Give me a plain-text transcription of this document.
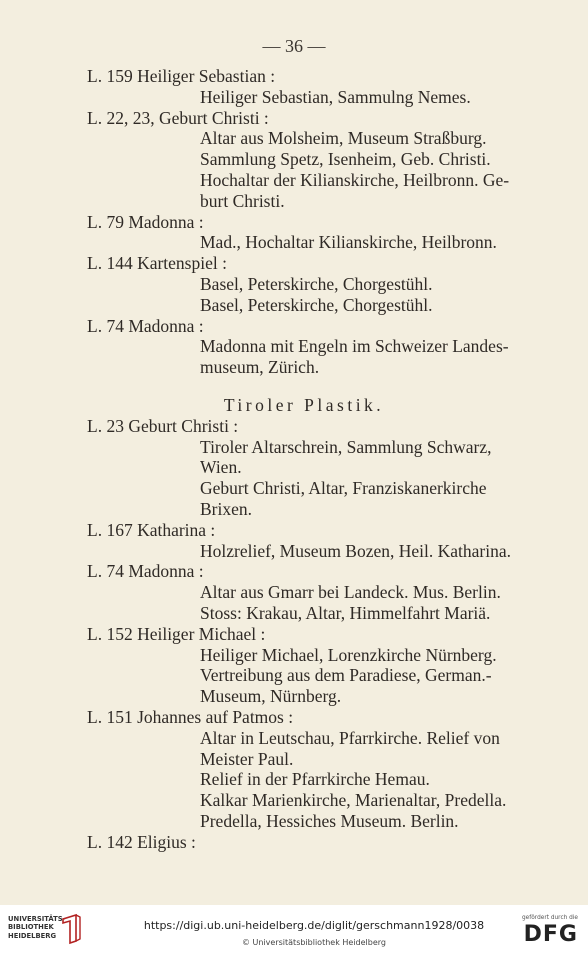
— 36 —
L. 159 Heiliger Sebastian :
Heiliger Sebastian, Sammulng Nemes.
L. 22, 23, Geburt Christi :
Altar aus Molsheim, Museum Straßburg.
Sammlung Spetz, Isenheim, Geb. Christi.
Hochaltar der Kilianskirche, Heilbronn. Ge-
burt Christi.
L. 79 Madonna :
Mad., Hochaltar Kilianskirche, Heilbronn.
L. 144 Kartenspiel :
Basel, Peterskirche, Chorgestühl.
Basel, Peterskirche, Chorgestühl.
L. 74 Madonna :
Madonna mit Engeln im Schweizer Landes-
museum, Zürich.
Tiroler Plastik.
L. 23 Geburt Christi :
Tiroler Altarschrein, Sammlung Schwarz,
Wien.
Geburt Christi, Altar, Franziskanerkirche
Brixen.
L. 167 Katharina :
Holzrelief, Museum Bozen, Heil. Katharina.
L. 74 Madonna :
Altar aus Gmarr bei Landeck. Mus. Berlin.
Stoss: Krakau, Altar, Himmelfahrt Mariä.
L. 152 Heiliger Michael :
Heiliger Michael, Lorenzkirche Nürnberg.
Vertreibung aus dem Paradiese, German.-
Museum, Nürnberg.
L. 151 Johannes auf Patmos :
Altar in Leutschau, Pfarrkirche. Relief von
Meister Paul.
Relief in der Pfarrkirche Hemau.
Kalkar Marienkirche, Marienaltar, Predella.
Predella, Hessiches Museum. Berlin.
L. 142 Eligius :
UNIVERSITÄTS-
BIBLIOTHEK
HEIDELBERG
https://digi.ub.uni-heidelberg.de/diglit/gerschmann1928/0038
© Universitätsbibliothek Heidelberg
gefördert durch die
DFG
